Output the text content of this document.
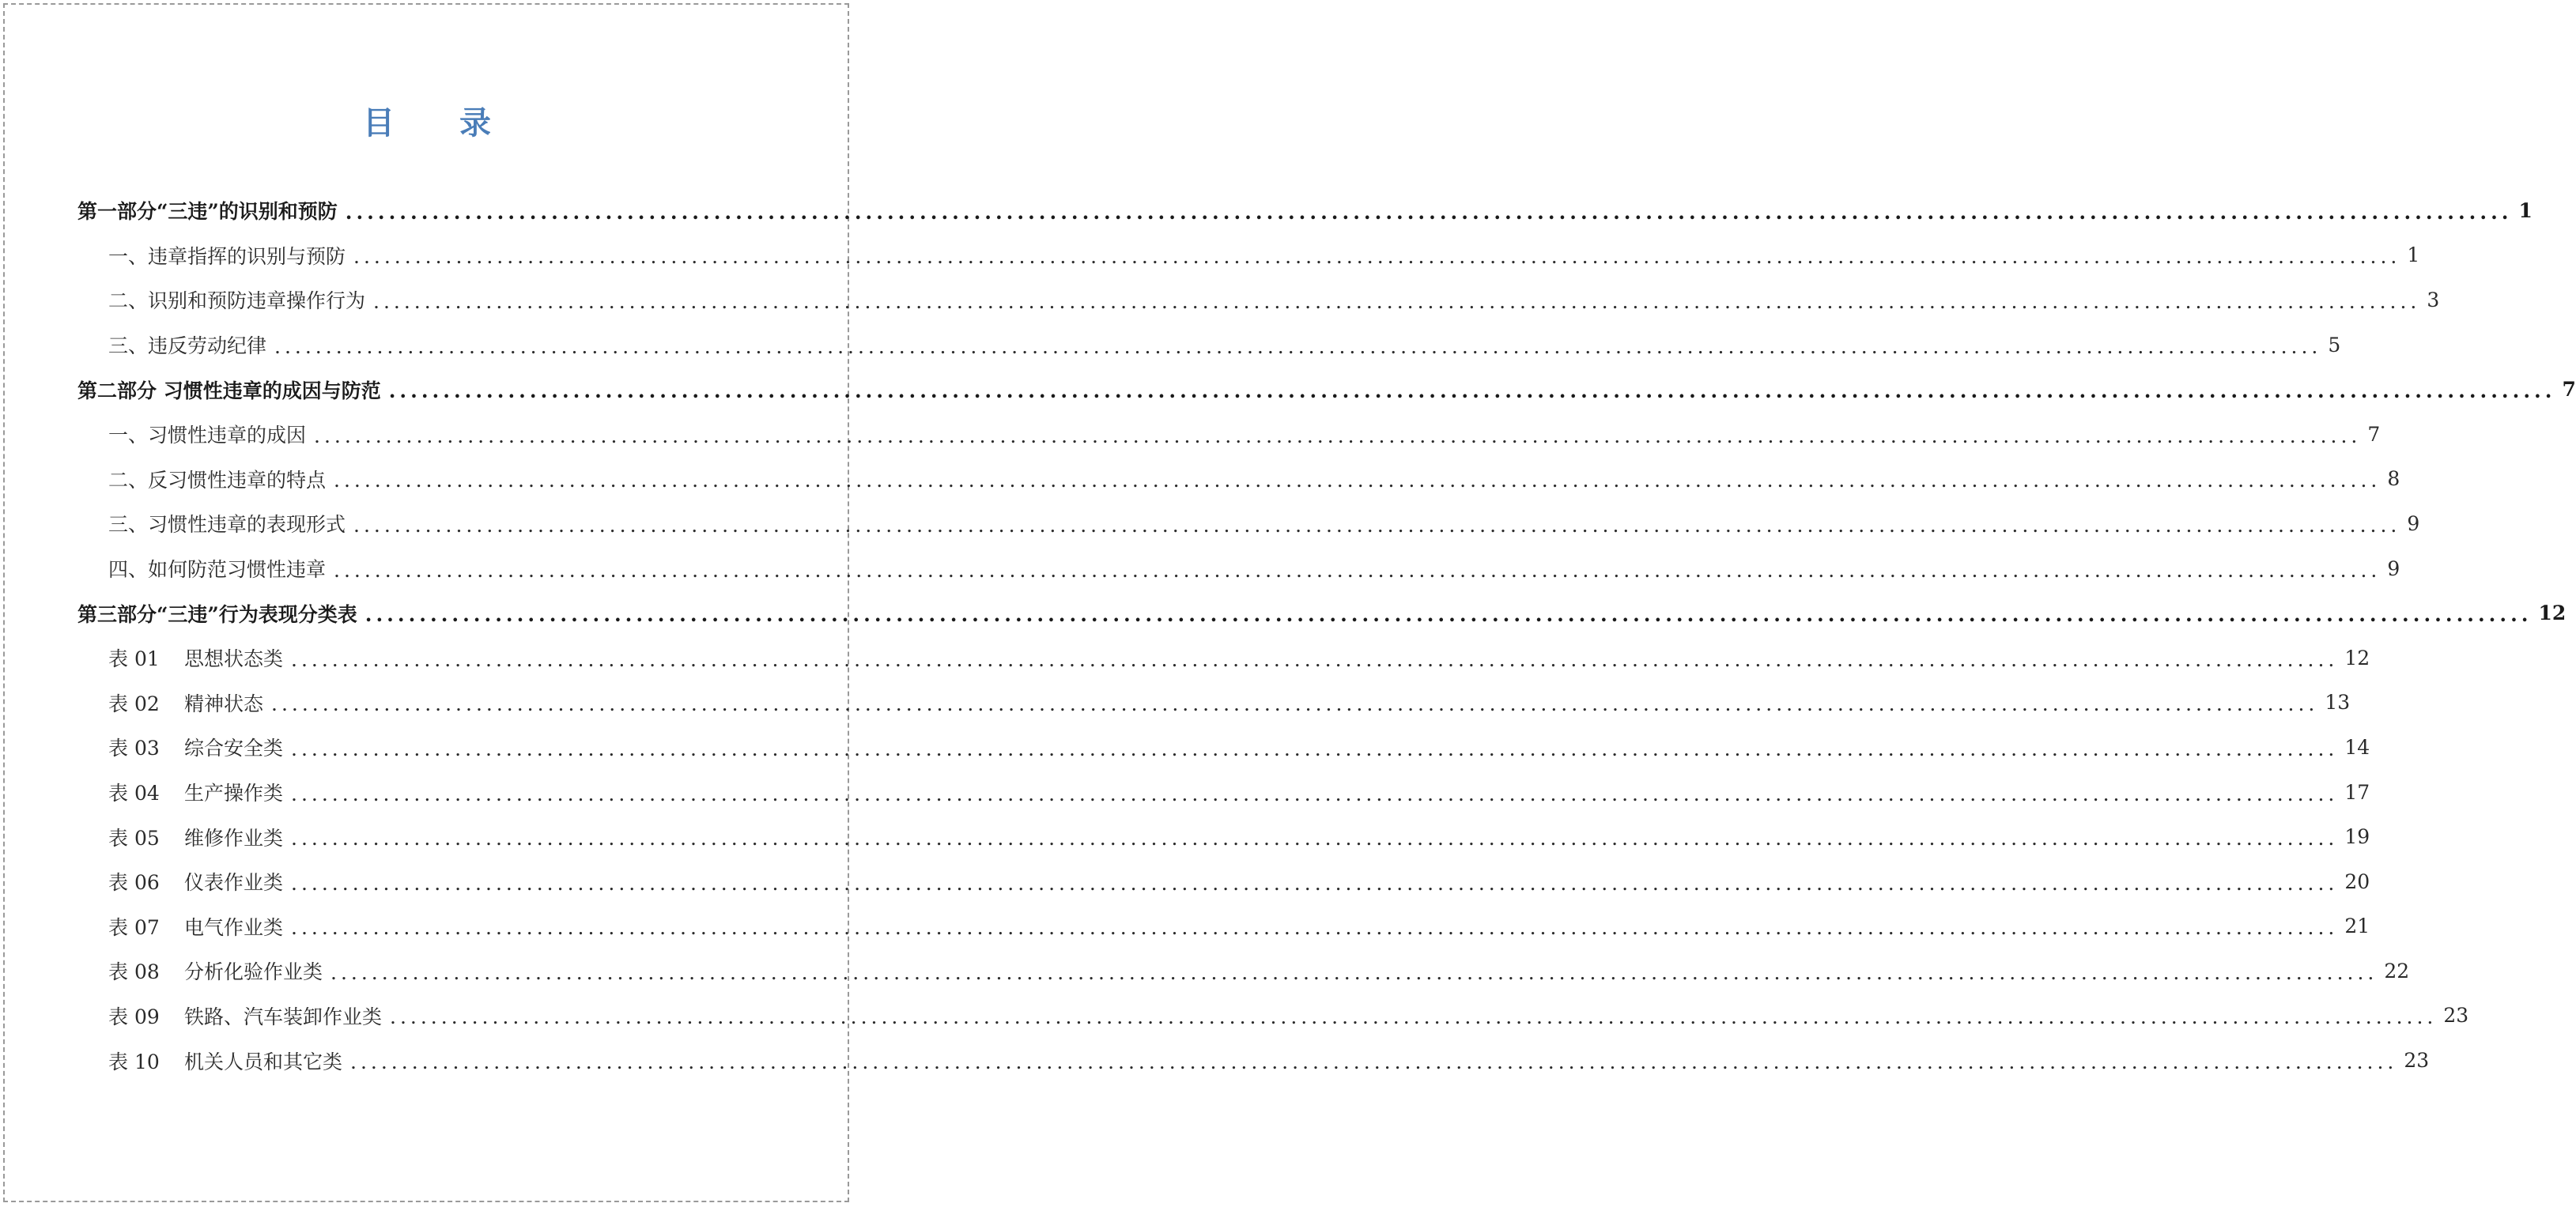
目 录
第一部分“三违”的识别和预防 ........................................................................................................................................................................................................ 1
一、违章指挥的识别与预防 ........................................................................................................................................................................................................ 1
二、识别和预防违章操作行为 ........................................................................................................................................................................................................ 3
三、违反劳动纪律 ........................................................................................................................................................................................................ 5
第二部分 习惯性违章的成因与防范 ........................................................................................................................................................................................................ 7
一、习惯性违章的成因 ........................................................................................................................................................................................................ 7
二、反习惯性违章的特点 ........................................................................................................................................................................................................ 8
三、习惯性违章的表现形式 ........................................................................................................................................................................................................ 9
四、如何防范习惯性违章 ........................................................................................................................................................................................................ 9
第三部分“三违”行为表现分类表 ........................................................................................................................................................................................................ 12
表 01 思想状态类 ........................................................................................................................................................................................................ 12
表 02 精神状态 ........................................................................................................................................................................................................ 13
表 03 综合安全类 ........................................................................................................................................................................................................ 14
表 04 生产操作类 ........................................................................................................................................................................................................ 17
表 05 维修作业类 ........................................................................................................................................................................................................ 19
表 06 仪表作业类 ........................................................................................................................................................................................................ 20
表 07 电气作业类 ........................................................................................................................................................................................................ 21
表 08 分析化验作业类 ........................................................................................................................................................................................................ 22
表 09 铁路、汽车装卸作业类 ........................................................................................................................................................................................................ 23
表 10 机关人员和其它类 ........................................................................................................................................................................................................ 23
